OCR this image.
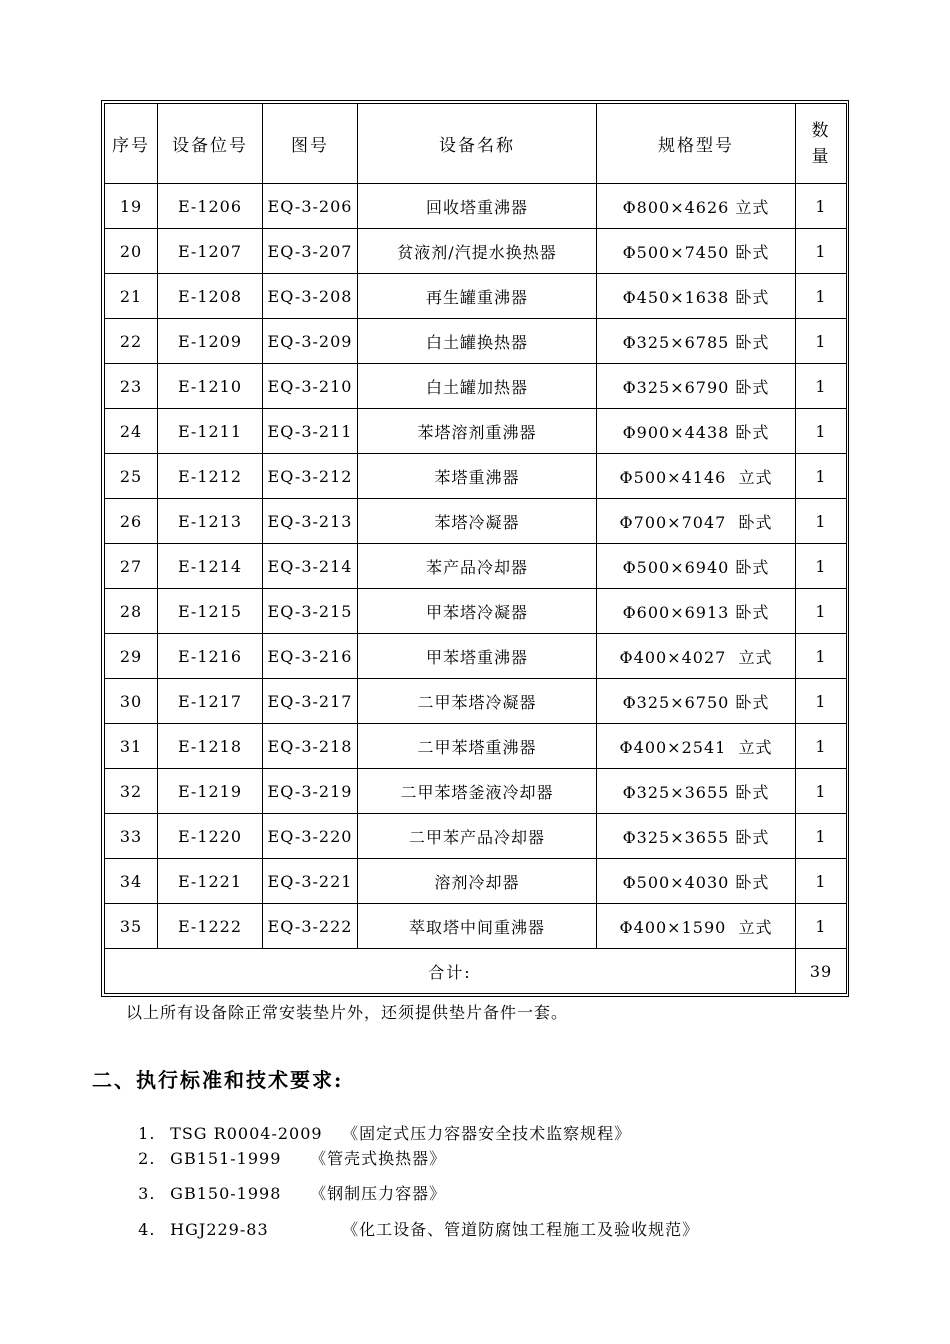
序号	设备位号	图号	设备名称	规格型号	数
量
19	E-1206	EQ-3-206	回收塔重沸器	Φ800×4626 立式	1
20	E-1207	EQ-3-207	贫液剂/汽提水换热器	Φ500×7450 卧式	1
21	E-1208	EQ-3-208	再生罐重沸器	Φ450×1638 卧式	1
22	E-1209	EQ-3-209	白土罐换热器	Φ325×6785 卧式	1
23	E-1210	EQ-3-210	白土罐加热器	Φ325×6790 卧式	1
24	E-1211	EQ-3-211	苯塔溶剂重沸器	Φ900×4438 卧式	1
25	E-1212	EQ-3-212	苯塔重沸器	Φ500×4146  立式	1
26	E-1213	EQ-3-213	苯塔冷凝器	Φ700×7047  卧式	1
27	E-1214	EQ-3-214	苯产品冷却器	Φ500×6940 卧式	1
28	E-1215	EQ-3-215	甲苯塔冷凝器	Φ600×6913 卧式	1
29	E-1216	EQ-3-216	甲苯塔重沸器	Φ400×4027  立式	1
30	E-1217	EQ-3-217	二甲苯塔冷凝器	Φ325×6750 卧式	1
31	E-1218	EQ-3-218	二甲苯塔重沸器	Φ400×2541  立式	1
32	E-1219	EQ-3-219	二甲苯塔釜液冷却器	Φ325×3655 卧式	1
33	E-1220	EQ-3-220	二甲苯产品冷却器	Φ325×3655 卧式	1
34	E-1221	EQ-3-221	溶剂冷却器	Φ500×4030 卧式	1
35	E-1222	EQ-3-222	萃取塔中间重沸器	Φ400×1590  立式	1
合计:					39
以上所有设备除正常安装垫片外，还须提供垫片备件一套。
二、执行标准和技术要求:

1. TSG R0004-2009 《固定式压力容器安全技术监察规程》

2. GB151-1999 《管壳式换热器》

3. GB150-1998 《钢制压力容器》

4. HGJ229-83	《化工设备、管道防腐蚀工程施工及验收规范》
